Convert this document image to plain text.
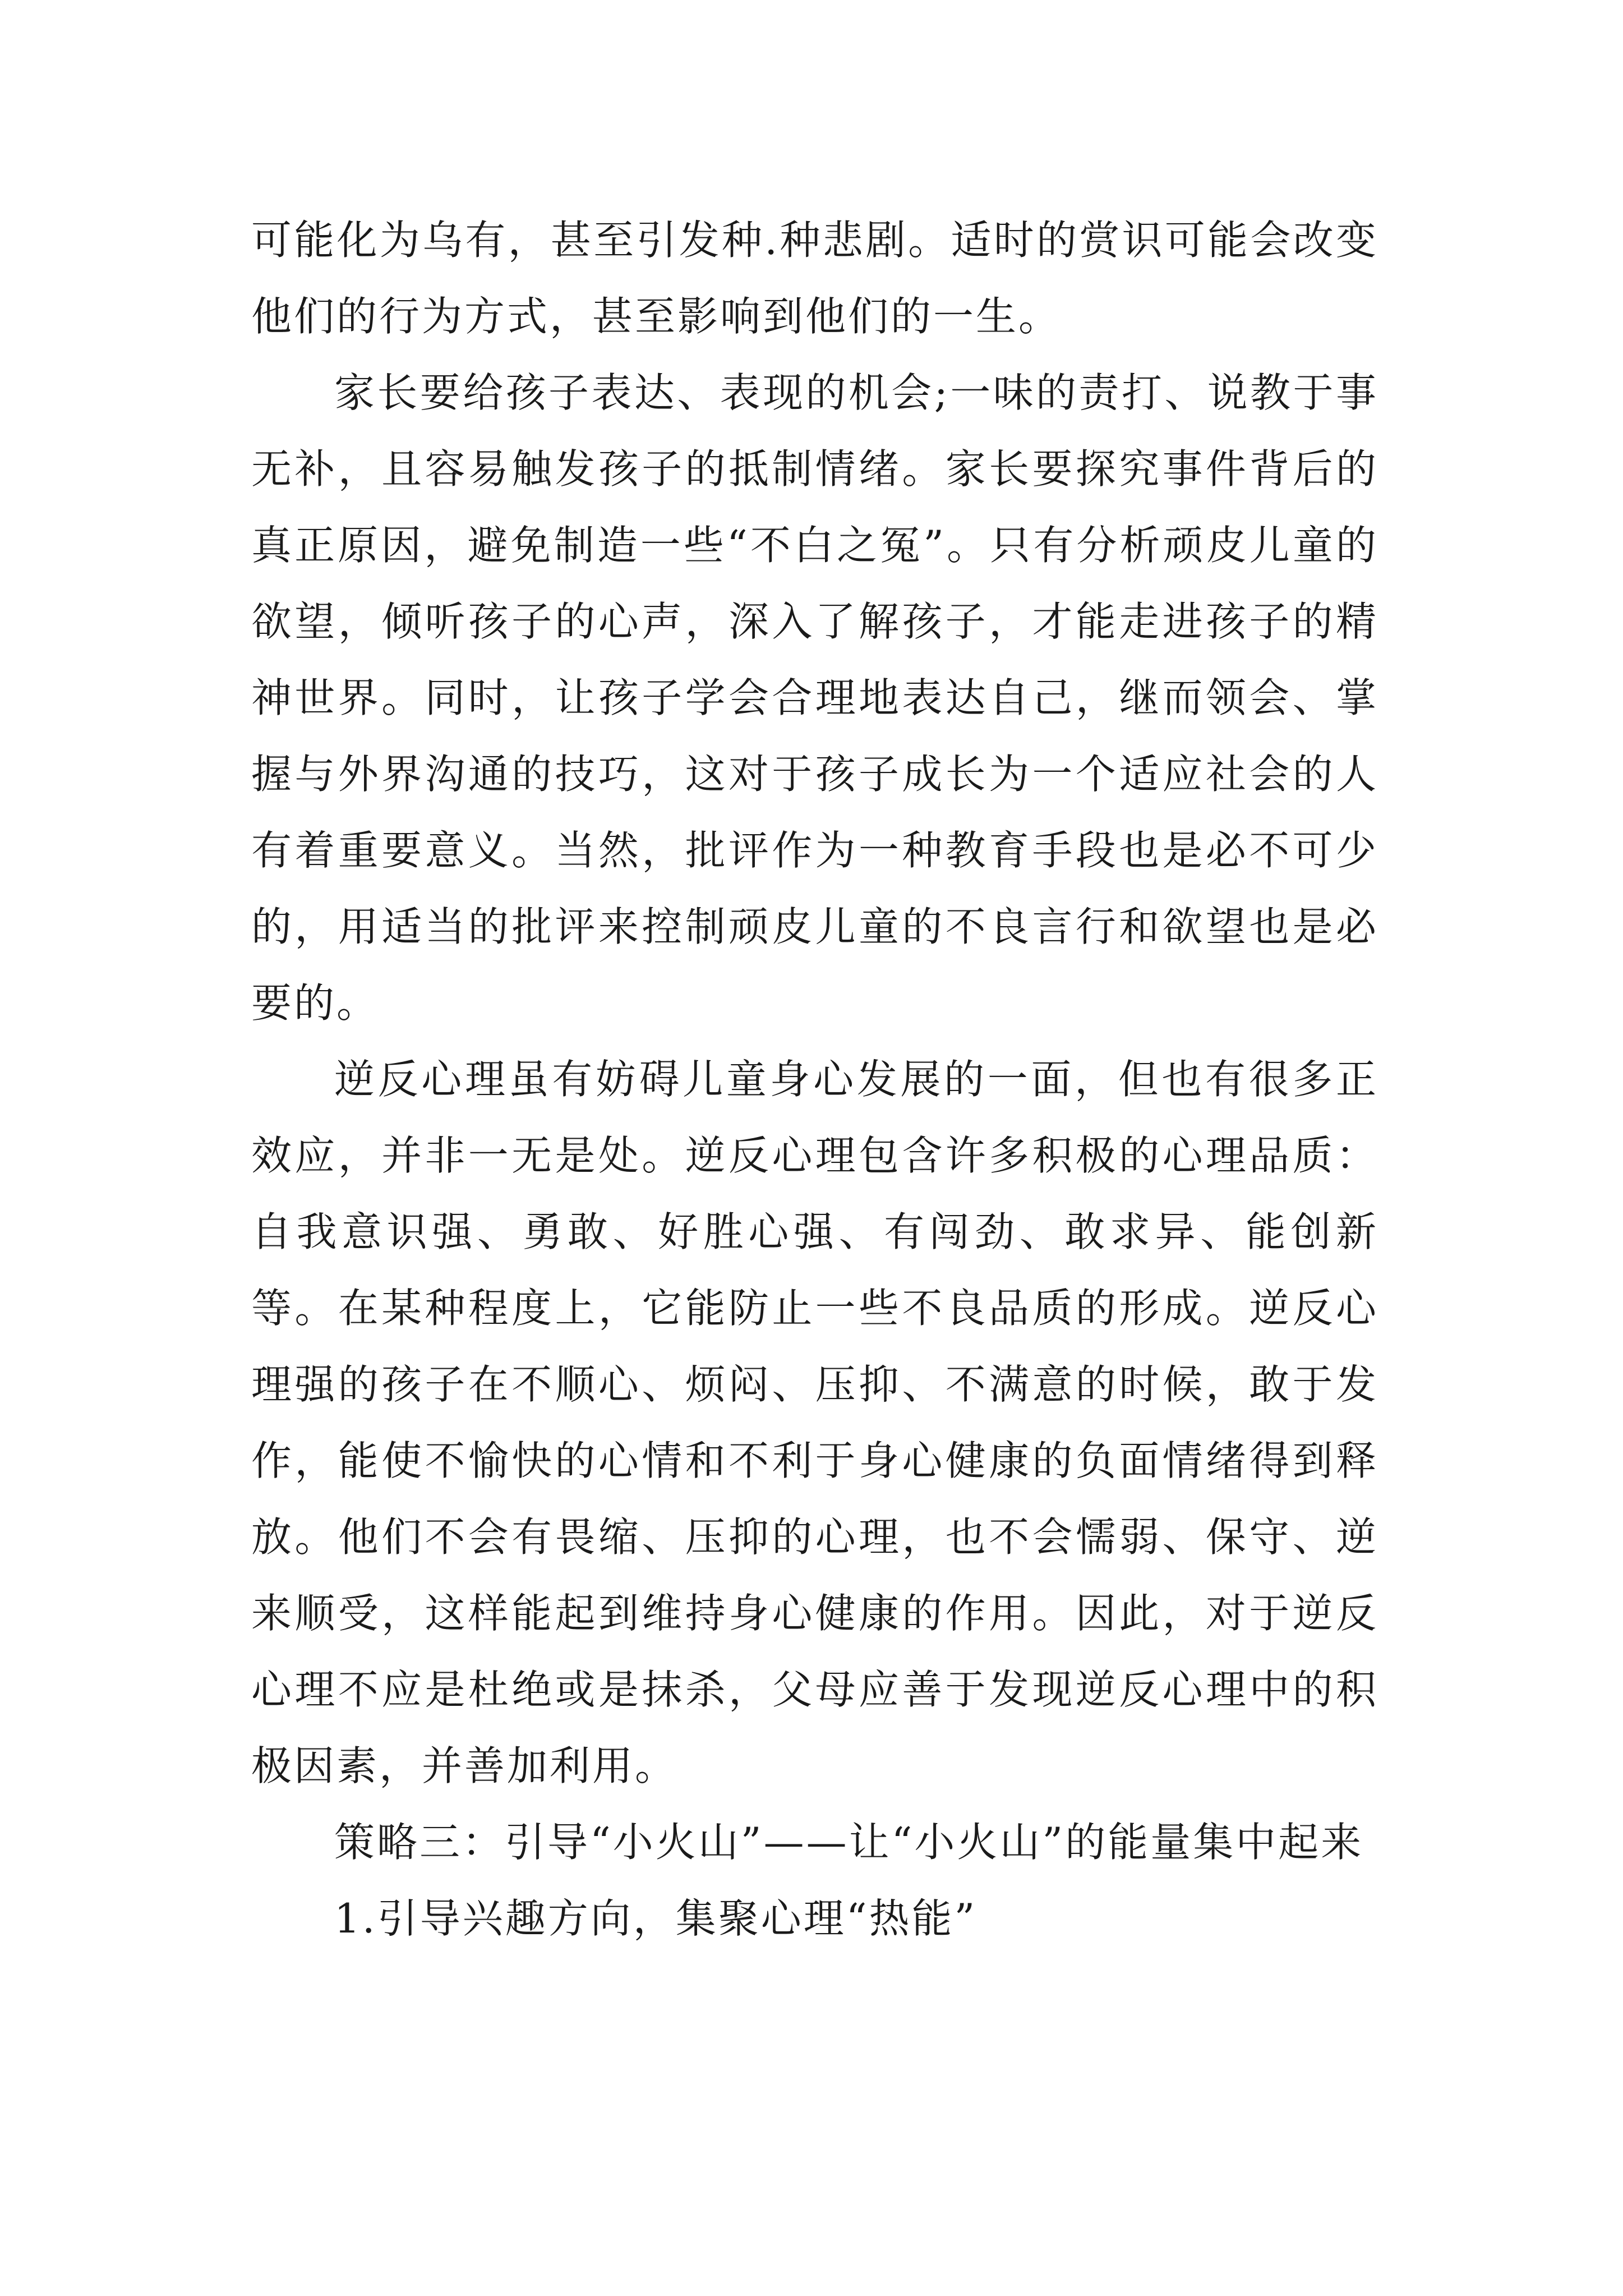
可能化为乌有，甚至引发种.种悲剧。适时的赏识可能会改变他们的行为方式，甚至影响到他们的一生。

家长要给孩子表达、表现的机会;一味的责打、说教于事无补，且容易触发孩子的抵制情绪。家长要探究事件背后的真正原因，避免制造一些“不白之冤”。只有分析顽皮儿童的欲望，倾听孩子的心声，深入了解孩子，才能走进孩子的精神世界。同时，让孩子学会合理地表达自己，继而领会、掌握与外界沟通的技巧，这对于孩子成长为一个适应社会的人有着重要意义。当然，批评作为一种教育手段也是必不可少的，用适当的批评来控制顽皮儿童的不良言行和欲望也是必要的。

逆反心理虽有妨碍儿童身心发展的一面，但也有很多正效应，并非一无是处。逆反心理包含许多积极的心理品质：自我意识强、勇敢、好胜心强、有闯劲、敢求异、能创新等。在某种程度上，它能防止一些不良品质的形成。逆反心理强的孩子在不顺心、烦闷、压抑、不满意的时候，敢于发作，能使不愉快的心情和不利于身心健康的负面情绪得到释放。他们不会有畏缩、压抑的心理，也不会懦弱、保守、逆来顺受，这样能起到维持身心健康的作用。因此，对于逆反心理不应是杜绝或是抹杀，父母应善于发现逆反心理中的积极因素，并善加利用。

策略三：引导“小火山”——让“小火山”的能量集中起来

1.引导兴趣方向，集聚心理“热能”
